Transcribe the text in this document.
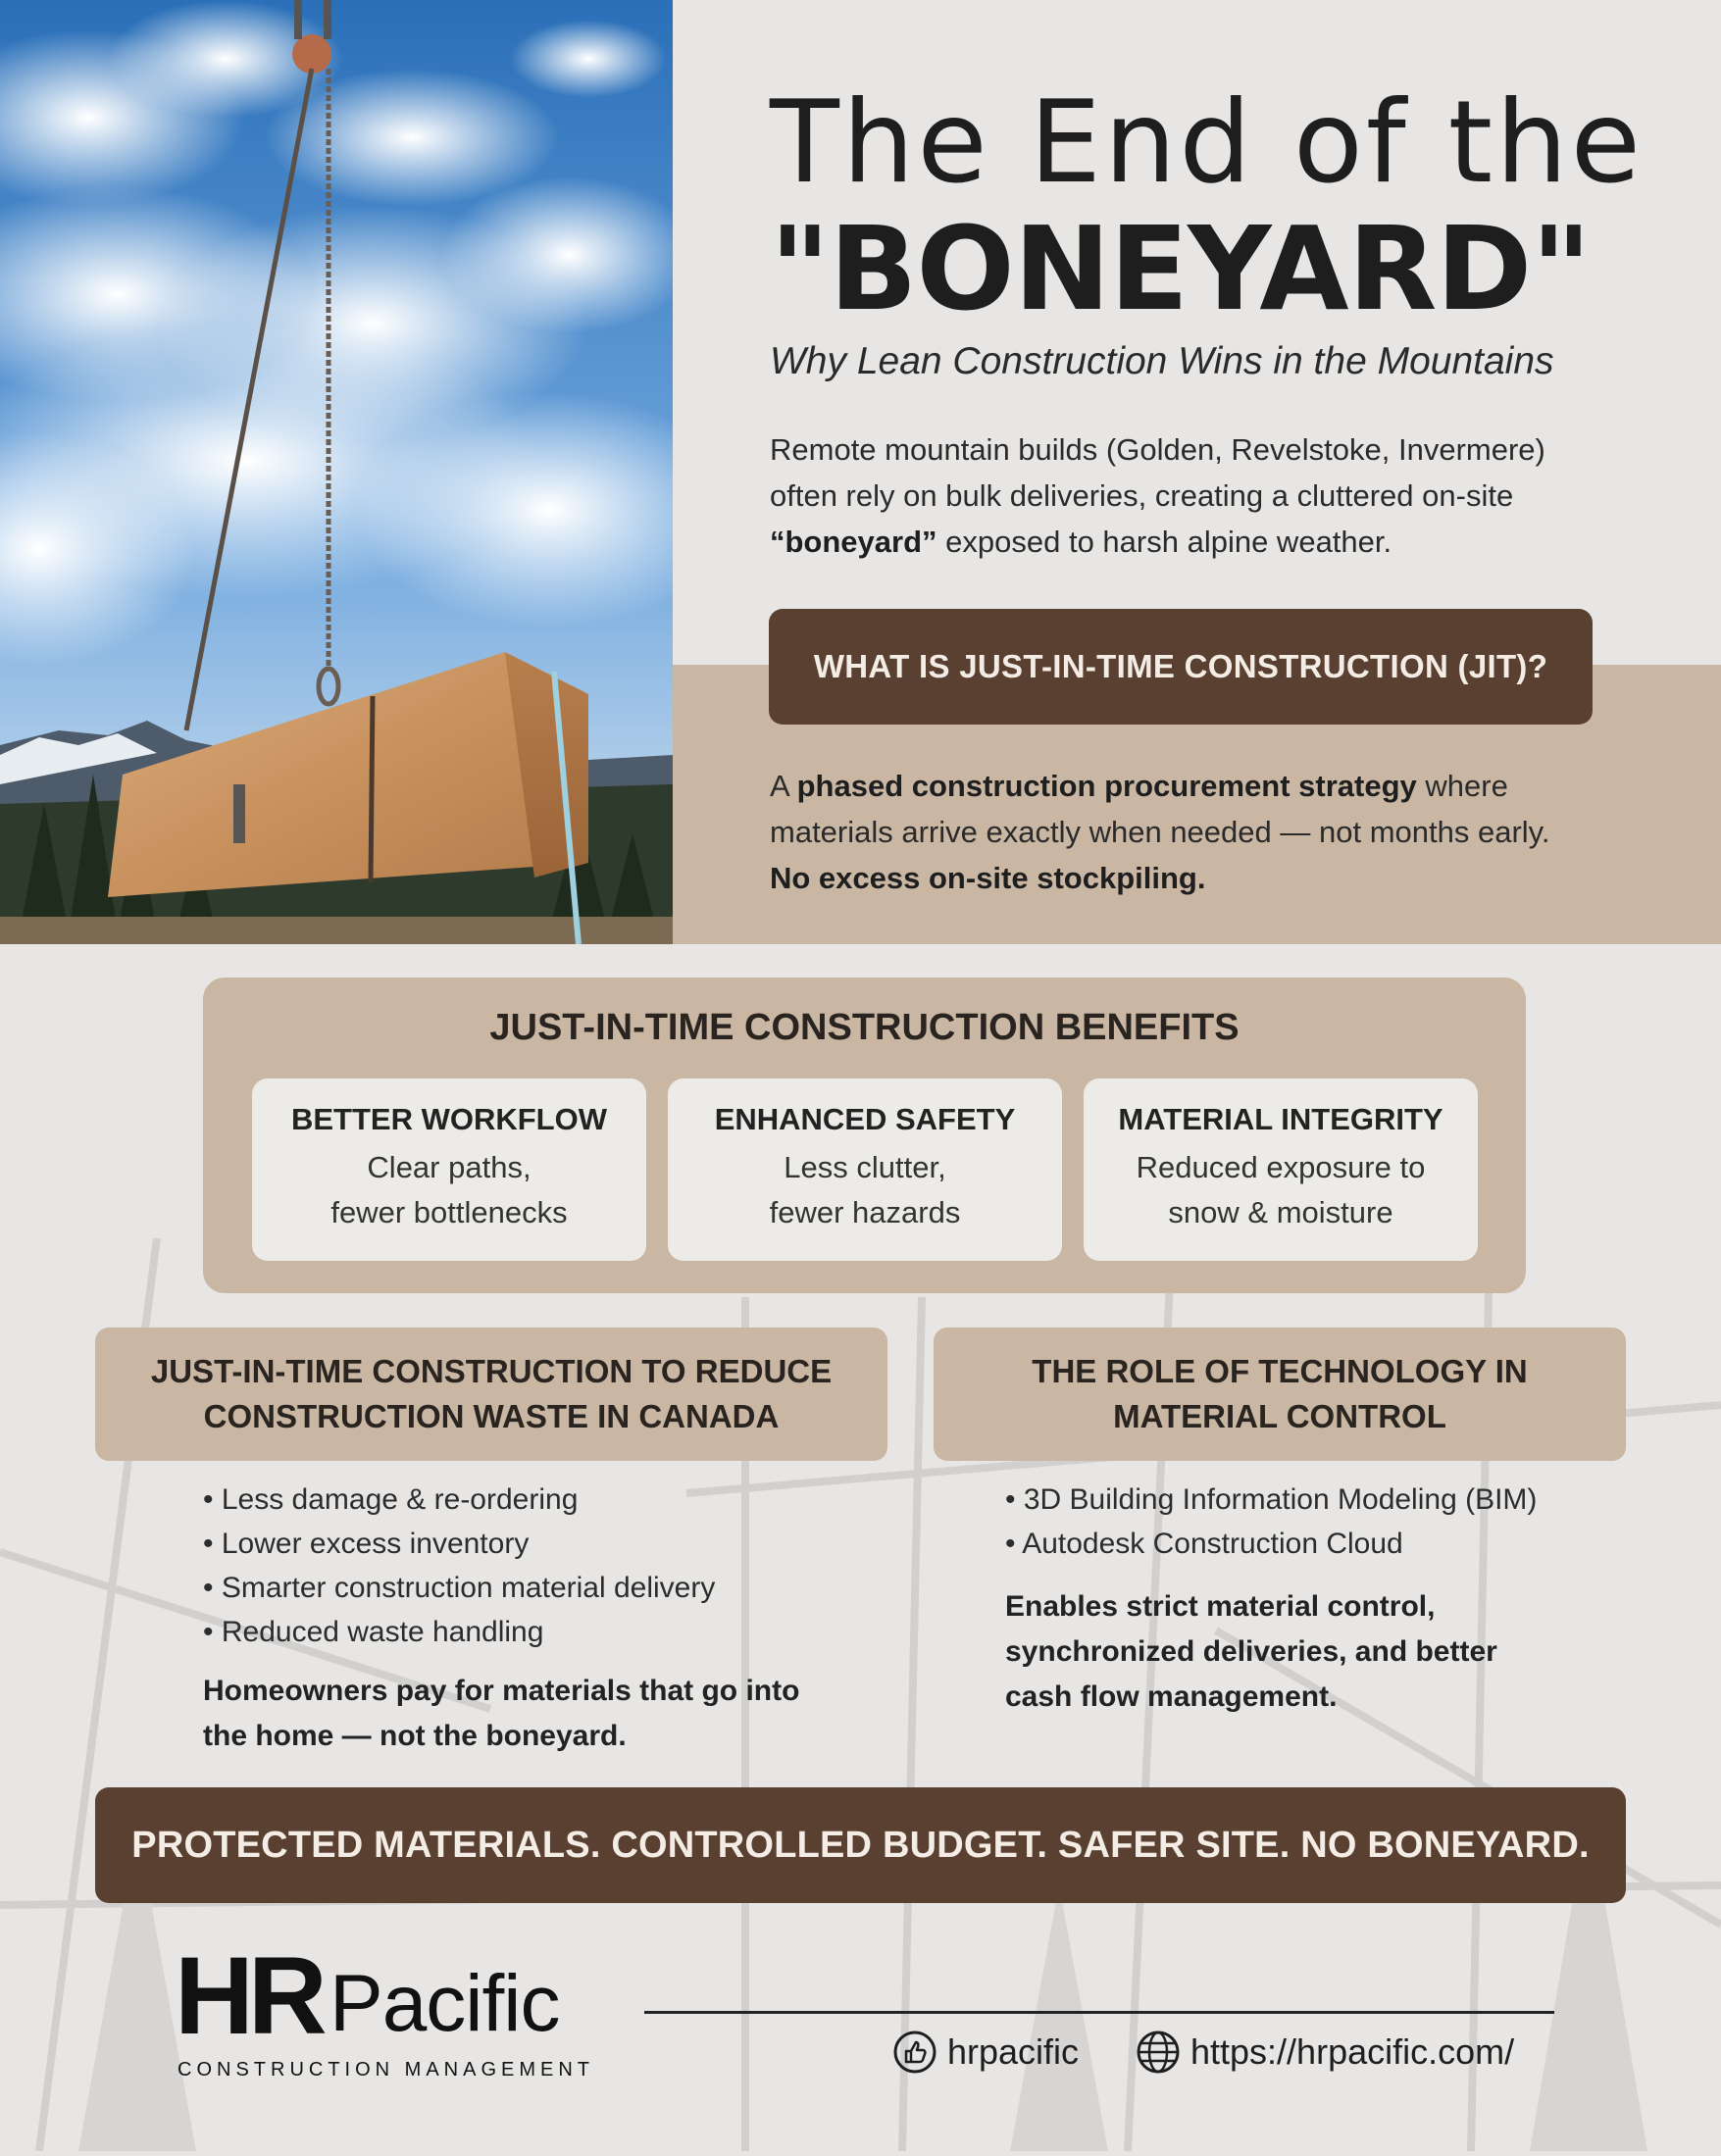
The End of the
"BONEYARD"
Why Lean Construction Wins in the Mountains
Remote mountain builds (Golden, Revelstoke, Invermere) often rely on bulk deliveries, creating a cluttered on-site “boneyard” exposed to harsh alpine weather.
WHAT IS JUST-IN-TIME CONSTRUCTION (JIT)?
A phased construction procurement strategy where materials arrive exactly when needed — not months early.
No excess on-site stockpiling.
JUST-IN-TIME CONSTRUCTION BENEFITS
BETTER WORKFLOW
Clear paths,
fewer bottlenecks
ENHANCED SAFETY
Less clutter,
fewer hazards
MATERIAL INTEGRITY
Reduced exposure to
snow & moisture
JUST-IN-TIME CONSTRUCTION TO REDUCE
CONSTRUCTION WASTE IN CANADA
THE ROLE OF TECHNOLOGY IN
MATERIAL CONTROL
• Less damage & re-ordering
• Lower excess inventory
• Smarter construction material delivery
• Reduced waste handling
Homeowners pay for materials that go into the home — not the boneyard.
• 3D Building Information Modeling (BIM)
• Autodesk Construction Cloud
Enables strict material control, synchronized deliveries, and better cash flow management.
PROTECTED MATERIALS. CONTROLLED BUDGET. SAFER SITE. NO BONEYARD.
HR Pacific
CONSTRUCTION MANAGEMENT	hrpacific	https://hrpacific.com/
